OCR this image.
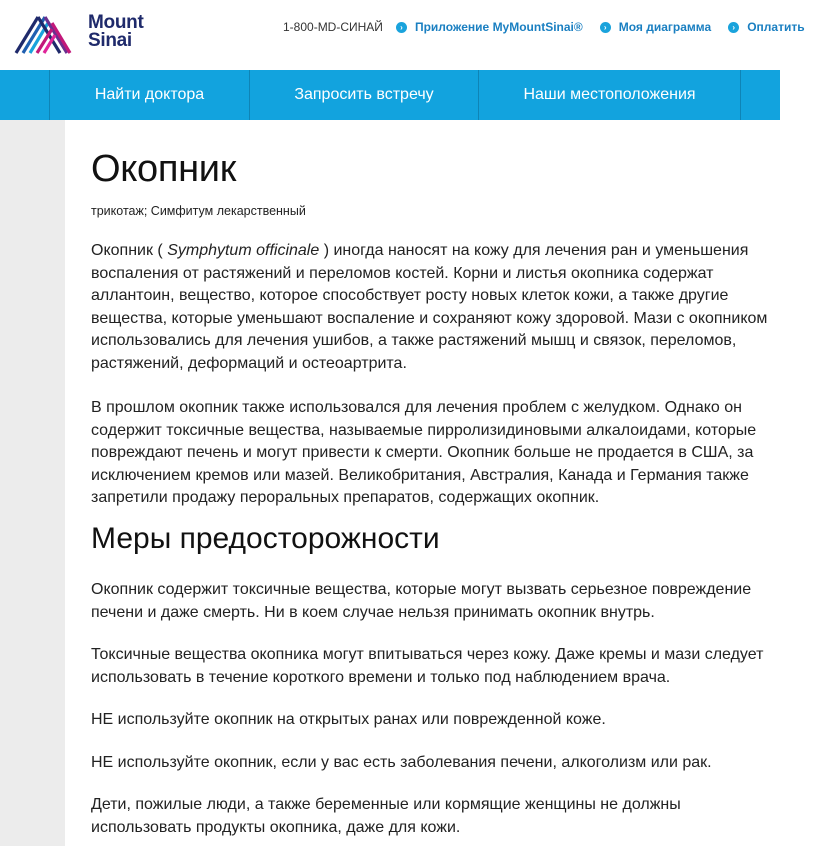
Mount
Sinai
1-800-MD-СИНАЙ	›	Приложение MyMountSinai®	›	Моя диаграмма	›	Оплатить
Найти доктора	Запросить встречу	Наши местоположения
Окопник
трикотаж; Симфитум лекарственный

Окопник ( Symphytum officinale ) иногда наносят на кожу для лечения ран и уменьшения воспаления от растяжений и переломов костей. Корни и листья окопника содержат аллантоин, вещество, которое способствует росту новых клеток кожи, а также другие вещества, которые уменьшают воспаление и сохраняют кожу здоровой. Мази с окопником использовались для лечения ушибов, а также растяжений мышц и связок, переломов, растяжений, деформаций и остеоартрита.

В прошлом окопник также использовался для лечения проблем с желудком. Однако он содержит токсичные вещества, называемые пирролизидиновыми алкалоидами, которые повреждают печень и могут привести к смерти. Окопник больше не продается в США, за исключением кремов или мазей. Великобритания, Австралия, Канада и Германия также запретили продажу пероральных препаратов, содержащих окопник.

Меры предосторожности

Окопник содержит токсичные вещества, которые могут вызвать серьезное повреждение печени и даже смерть. Ни в коем случае нельзя принимать окопник внутрь.

Токсичные вещества окопника могут впитываться через кожу. Даже кремы и мази следует использовать в течение короткого времени и только под наблюдением врача.

НЕ используйте окопник на открытых ранах или поврежденной коже.

НЕ используйте окопник, если у вас есть заболевания печени, алкоголизм или рак.

Дети, пожилые люди, а также беременные или кормящие женщины не должны использовать продукты окопника, даже для кожи.
